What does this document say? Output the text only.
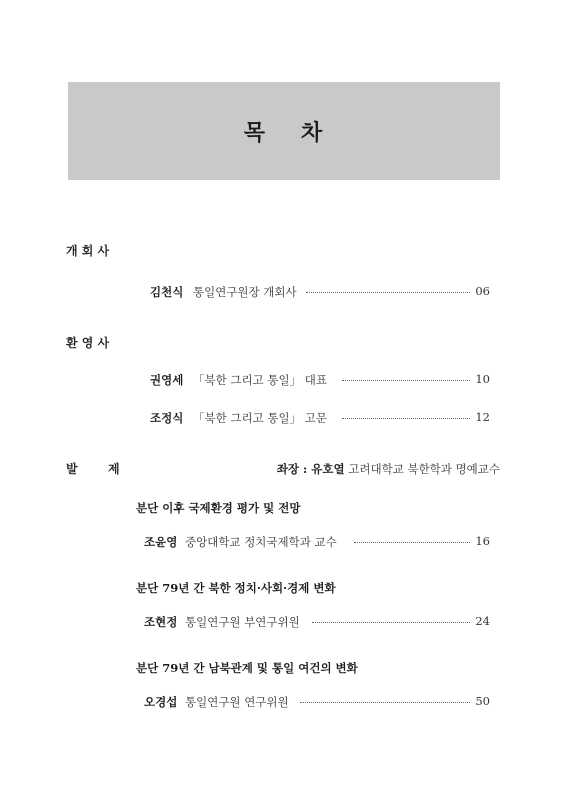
목 차
개 회 사
김천식 통일연구원장 개회사	06
환 영 사
권영세 「북한 그리고 통일」 대표	10
조정식 「북한 그리고 통일」 고문	12
발	제	좌장 : 유호열 고려대학교 북한학과 명예교수
분단 이후 국제환경 평가 및 전망
조윤영 중앙대학교 정치국제학과 교수	16
분단 79년 간 북한 정치·사회·경제 변화
조현정 통일연구원 부연구위원	24
분단 79년 간 남북관계 및 통일 여건의 변화
오경섭 통일연구원 연구위원	50
